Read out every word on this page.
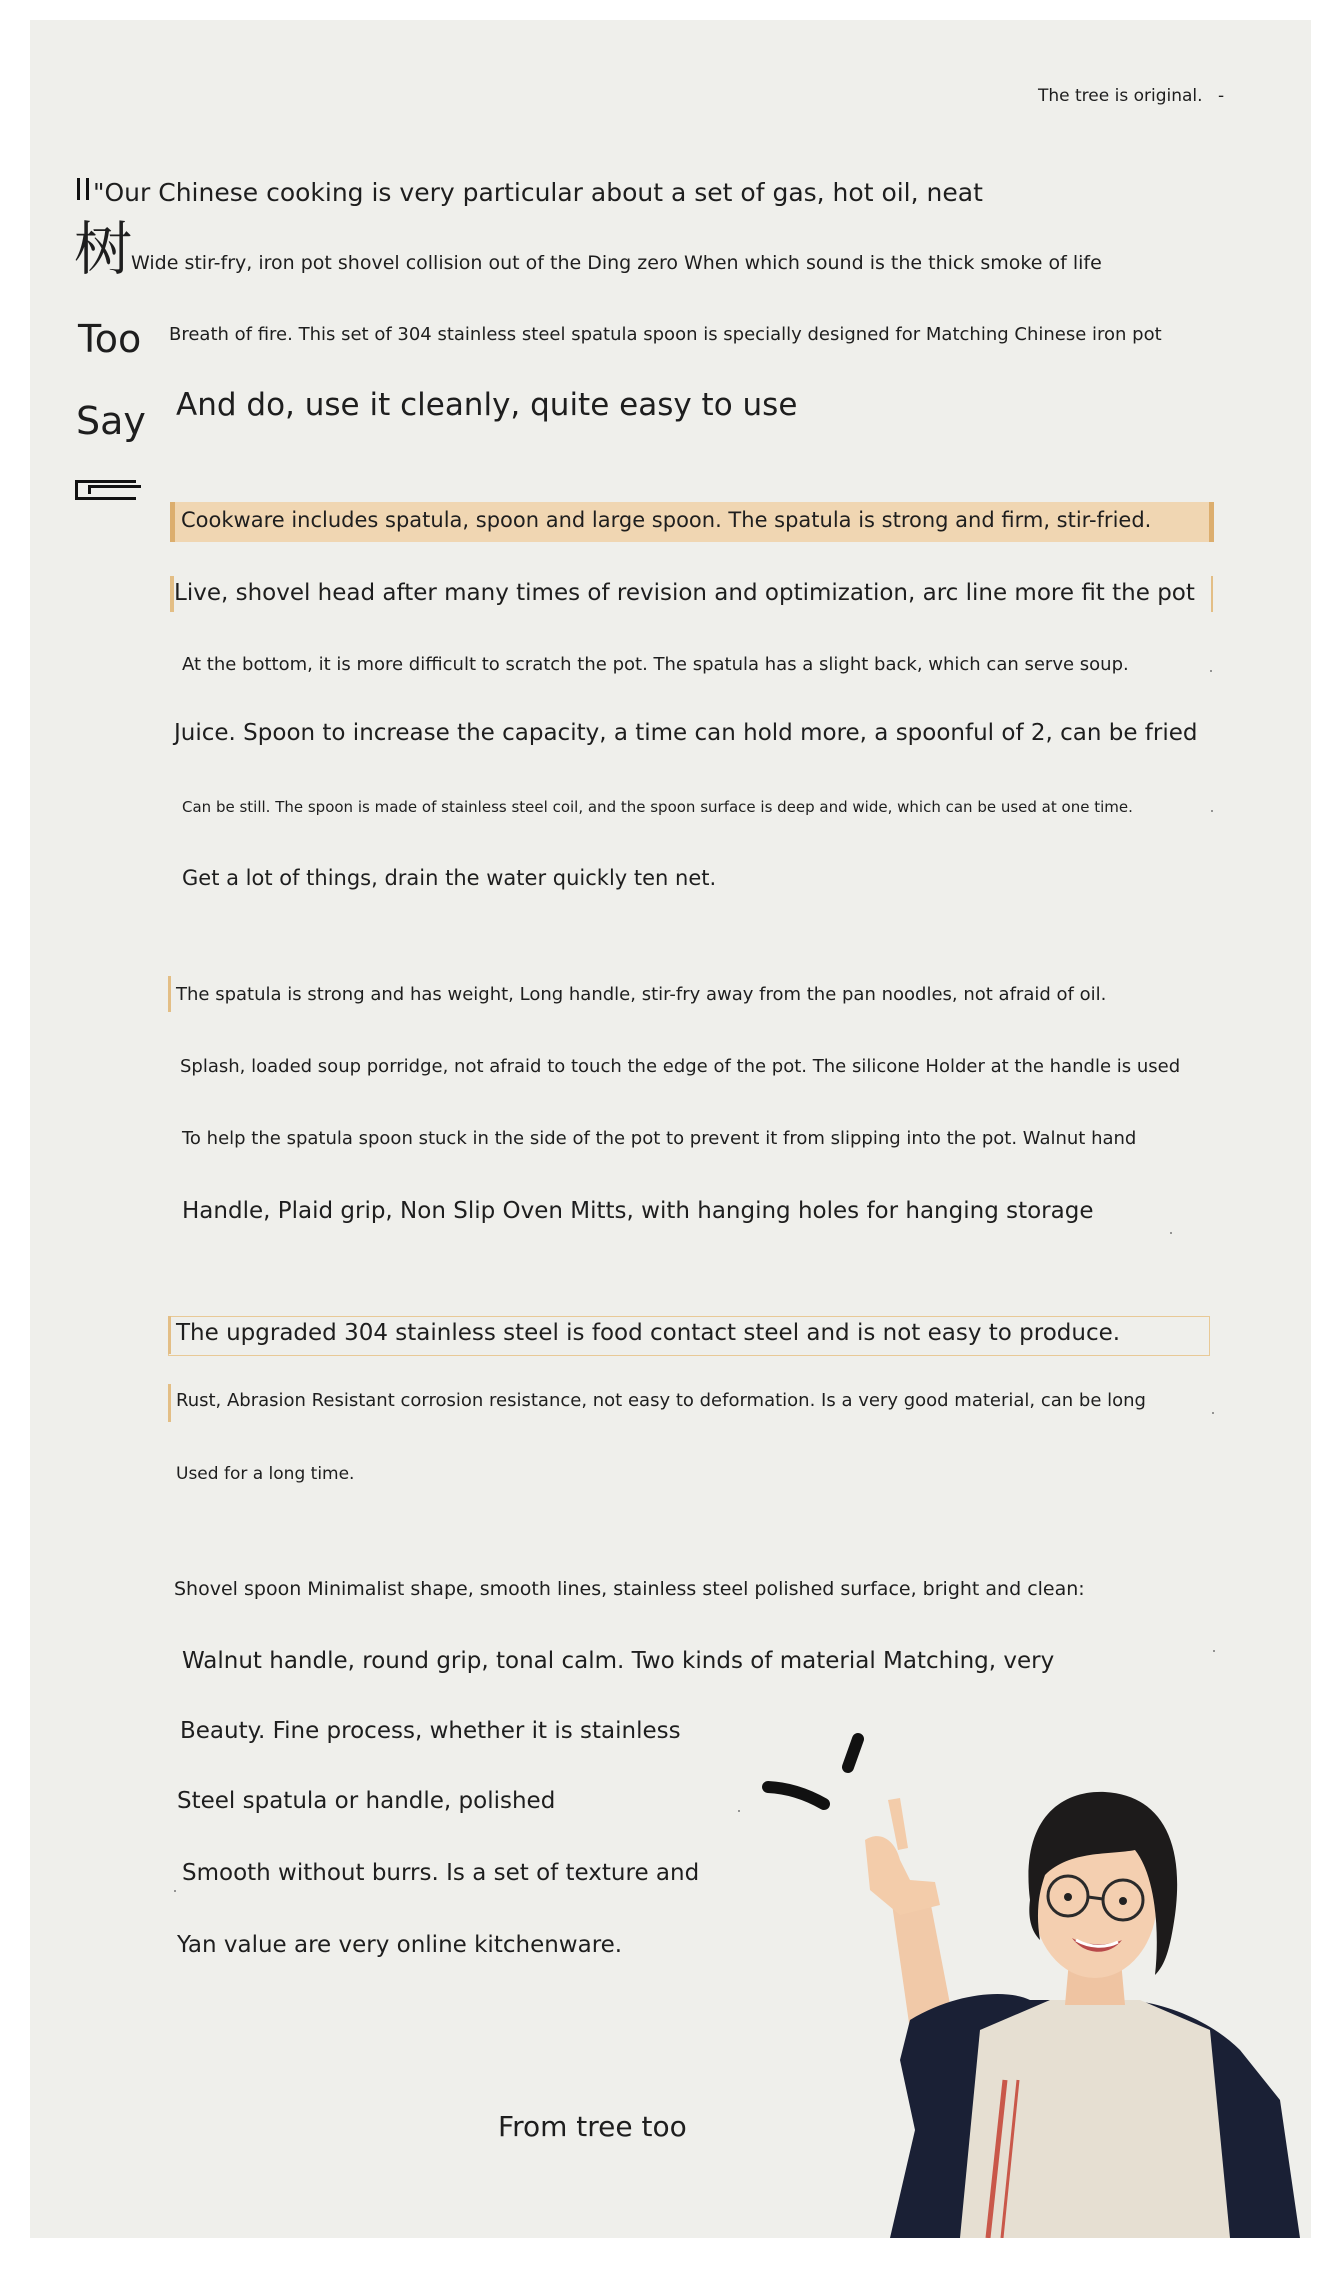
The tree is original. -
树
Too
Say
"Our Chinese cooking is very particular about a set of gas, hot oil, neat
Wide stir-fry, iron pot shovel collision out of the Ding zero When which sound is the thick smoke of life
Breath of fire. This set of 304 stainless steel spatula spoon is specially designed for Matching Chinese iron pot
And do, use it cleanly, quite easy to use
Cookware includes spatula, spoon and large spoon. The spatula is strong and firm, stir-fried.
Live, shovel head after many times of revision and optimization, arc line more fit the pot
At the bottom, it is more difficult to scratch the pot. The spatula has a slight back, which can serve soup.
Juice. Spoon to increase the capacity, a time can hold more, a spoonful of 2, can be fried
Can be still. The spoon is made of stainless steel coil, and the spoon surface is deep and wide, which can be used at one time.
Get a lot of things, drain the water quickly ten net.
The spatula is strong and has weight, Long handle, stir-fry away from the pan noodles, not afraid of oil.
Splash, loaded soup porridge, not afraid to touch the edge of the pot. The silicone Holder at the handle is used
To help the spatula spoon stuck in the side of the pot to prevent it from slipping into the pot. Walnut hand
Handle, Plaid grip, Non Slip Oven Mitts, with hanging holes for hanging storage
The upgraded 304 stainless steel is food contact steel and is not easy to produce.
Rust, Abrasion Resistant corrosion resistance, not easy to deformation. Is a very good material, can be long
Used for a long time.
Shovel spoon Minimalist shape, smooth lines, stainless steel polished surface, bright and clean:
Walnut handle, round grip, tonal calm. Two kinds of material Matching, very
Beauty. Fine process, whether it is stainless
Steel spatula or handle, polished
Smooth without burrs. Is a set of texture and
Yan value are very online kitchenware.
From tree too
